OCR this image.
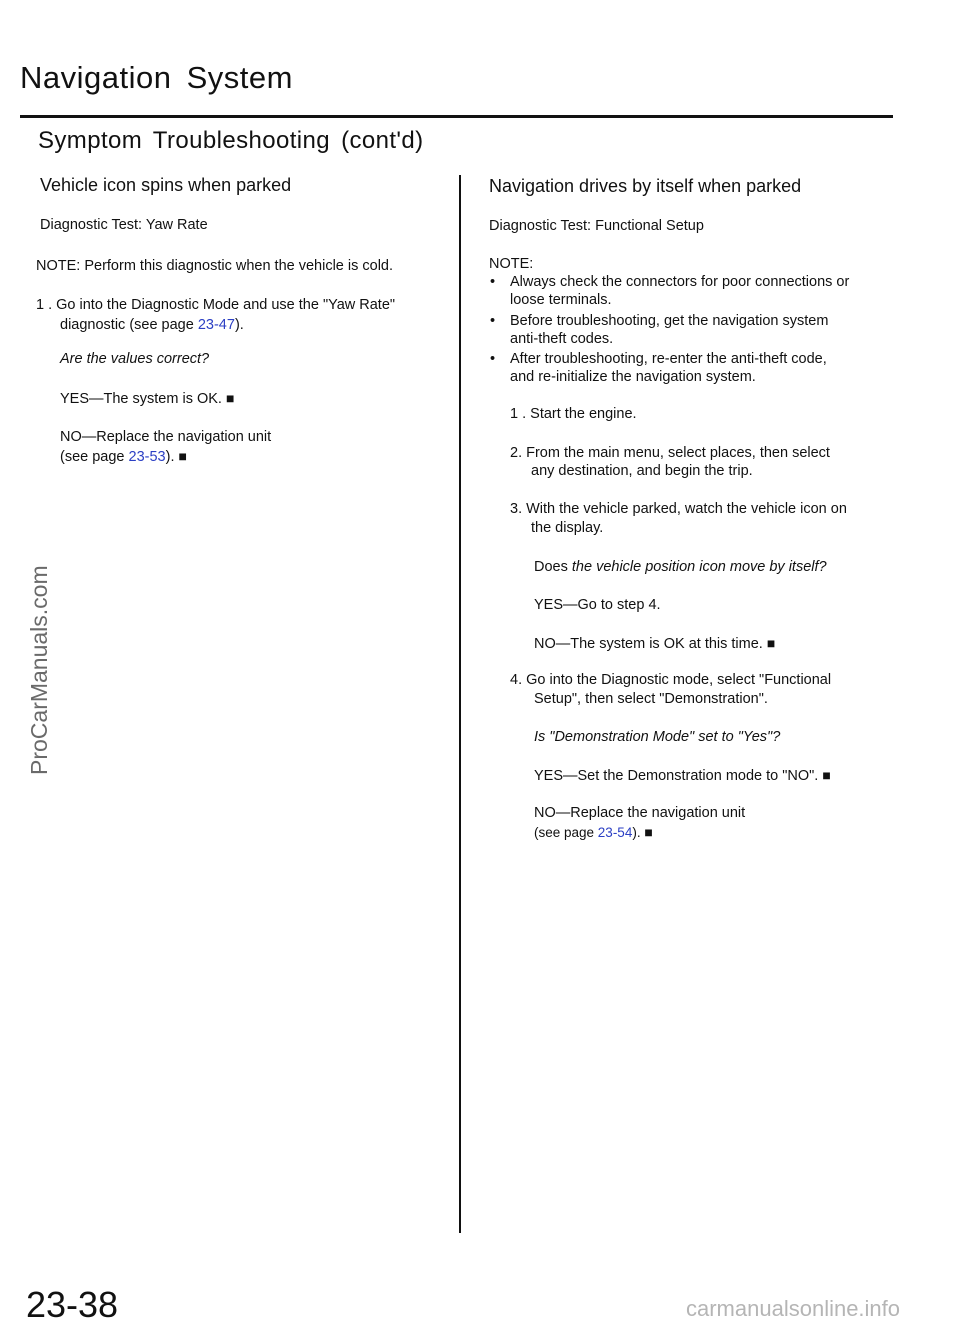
Navigation System
Symptom Troubleshooting (cont'd)
Vehicle icon spins when parked
Diagnostic Test: Yaw Rate
NOTE: Perform this diagnostic when the vehicle is cold.
1 . Go into the Diagnostic Mode and use the "Yaw Rate"
diagnostic (see page 23-47).
Are the values correct?
YES—The system is OK. ■
NO—Replace the navigation unit
(see page 23-53). ■
Navigation drives by itself when parked
Diagnostic Test: Functional Setup
NOTE:
• Always check the connectors for poor connections or
loose terminals.
• Before troubleshooting, get the navigation system
anti-theft codes.
• After troubleshooting, re-enter the anti-theft code,
and re-initialize the navigation system.
1 . Start the engine.
2. From the main menu, select places, then select
any destination, and begin the trip.
3. With the vehicle parked, watch the vehicle icon on
the display.
Does the vehicle position icon move by itself?
YES—Go to step 4.
NO—The system is OK at this time. ■
4. Go into the Diagnostic mode, select "Functional
Setup", then select "Demonstration".
Is "Demonstration Mode" set to "Yes"?
YES—Set the Demonstration mode to "NO". ■
NO—Replace the navigation unit
(see page 23-54). ■
ProCarManuals.com
23-38	carmanualsonline.info
